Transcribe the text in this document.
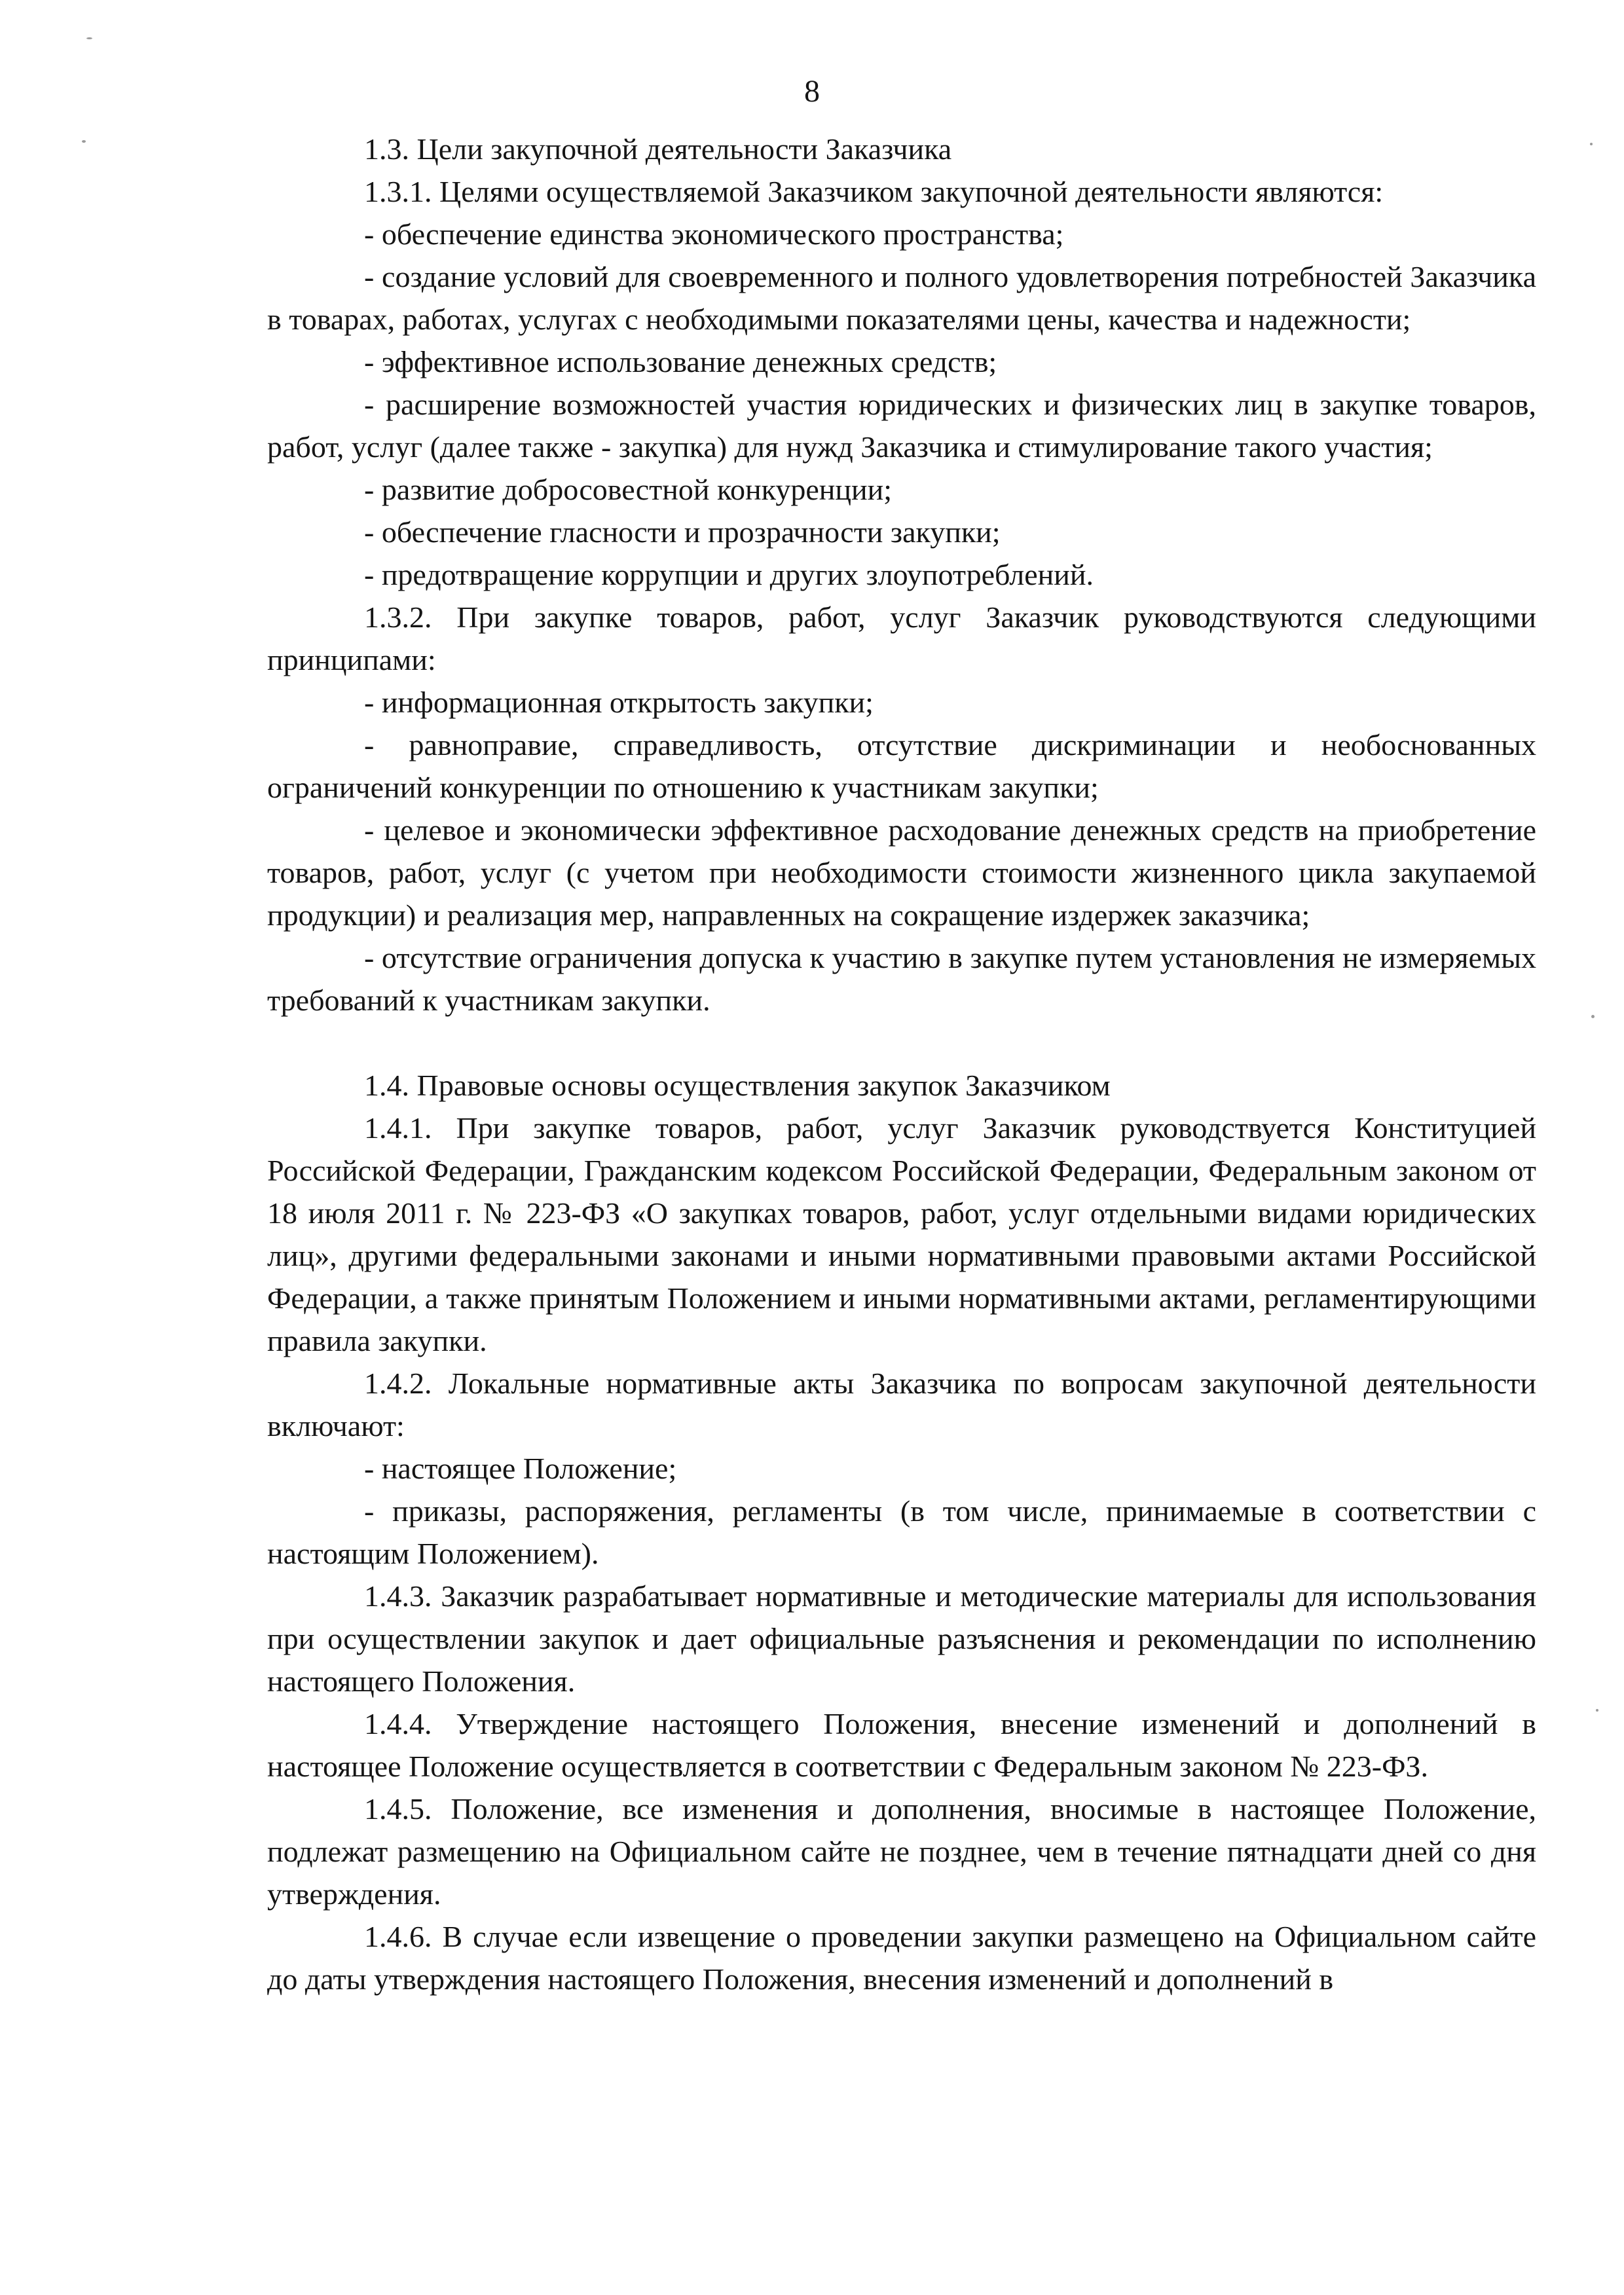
8

1.3. Цели закупочной деятельности Заказчика

1.3.1. Целями осуществляемой Заказчиком закупочной деятельности являются:

- обеспечение единства экономического пространства;

- создание условий для своевременного и полного удовлетворения потребностей Заказчика в товарах, работах, услугах с необходимыми показателями цены, качества и надежности;

- эффективное использование денежных средств;

- расширение возможностей участия юридических и физических лиц в закупке товаров, работ, услуг (далее также - закупка) для нужд Заказчика и стимулирование такого участия;

- развитие добросовестной конкуренции;

- обеспечение гласности и прозрачности закупки;

- предотвращение коррупции и других злоупотреблений.

1.3.2. При закупке товаров, работ, услуг Заказчик руководствуются следующими принципами:

- информационная открытость закупки;

- равноправие, справедливость, отсутствие дискриминации и необоснованных ограничений конкуренции по отношению к участникам закупки;

- целевое и экономически эффективное расходование денежных средств на приобретение товаров, работ, услуг (с учетом при необходимости стоимости жизненного цикла закупаемой продукции) и реализация мер, направленных на сокращение издержек заказчика;

- отсутствие ограничения допуска к участию в закупке путем установления не измеряемых требований к участникам закупки.

1.4. Правовые основы осуществления закупок Заказчиком

1.4.1. При закупке товаров, работ, услуг Заказчик руководствуется Конституцией Российской Федерации, Гражданским кодексом Российской Федерации, Федеральным законом от 18 июля 2011 г. № 223-ФЗ «О закупках товаров, работ, услуг отдельными видами юридических лиц», другими федеральными законами и иными нормативными правовыми актами Российской Федерации, а также принятым Положением и иными нормативными актами, регламентирующими правила закупки.

1.4.2. Локальные нормативные акты Заказчика по вопросам закупочной деятельности включают:

- настоящее Положение;

- приказы, распоряжения, регламенты (в том числе, принимаемые в соответствии с настоящим Положением).

1.4.3. Заказчик разрабатывает нормативные и методические материалы для использования при осуществлении закупок и дает официальные разъяснения и рекомендации по исполнению настоящего Положения.

1.4.4. Утверждение настоящего Положения, внесение изменений и дополнений в настоящее Положение осуществляется в соответствии с Федеральным законом № 223-ФЗ.

1.4.5. Положение, все изменения и дополнения, вносимые в настоящее Положение, подлежат размещению на Официальном сайте не позднее, чем в течение пятнадцати дней со дня утверждения.

1.4.6. В случае если извещение о проведении закупки размещено на Официальном сайте до даты утверждения настоящего Положения, внесения изменений и дополнений в
